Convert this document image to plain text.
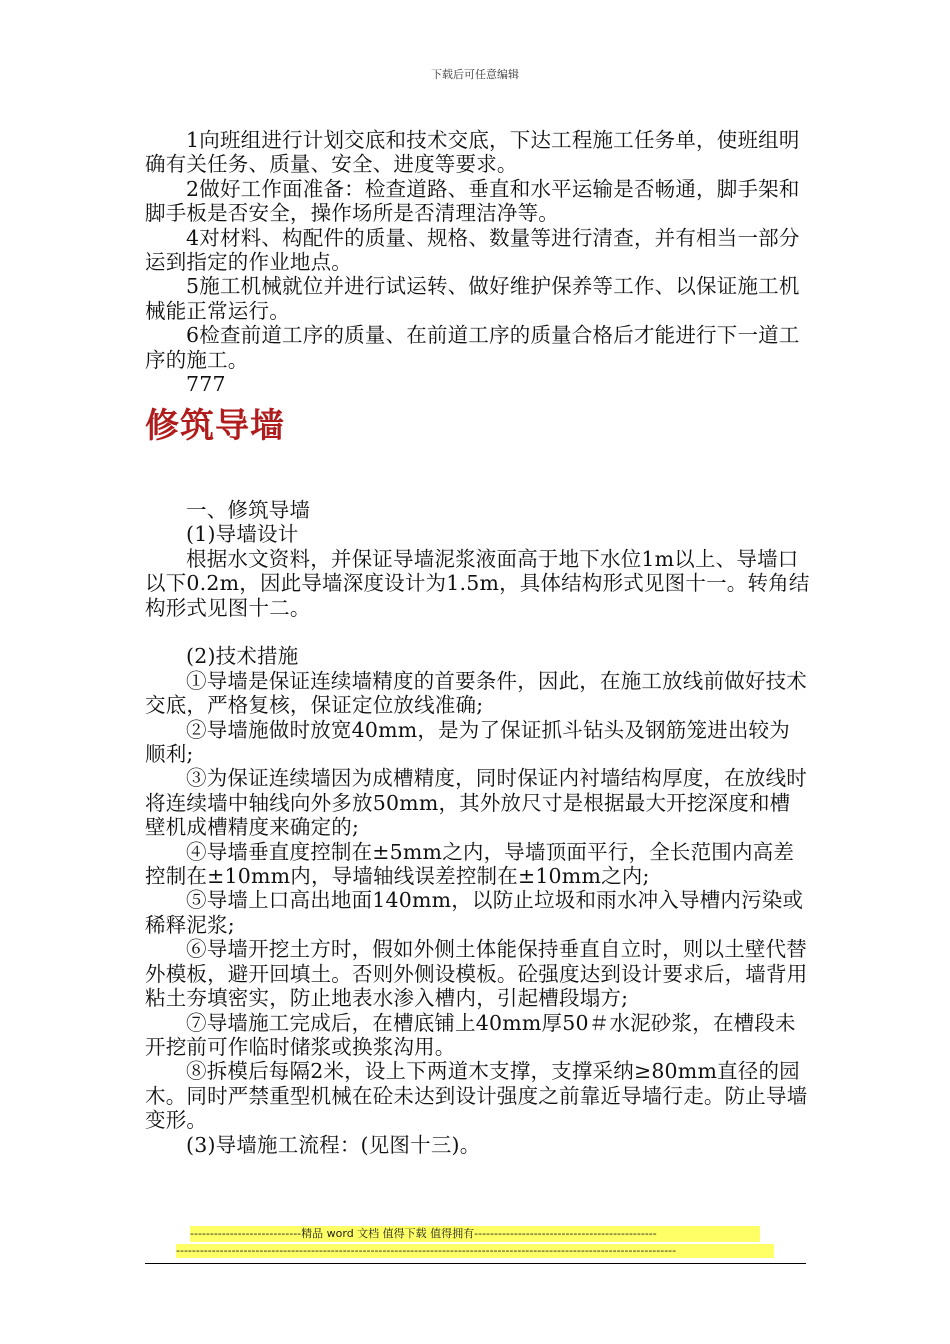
下载后可任意编辑

1向班组进行计划交底和技术交底，下达工程施工任务单，使班组明确有关任务、质量、安全、进度等要求。

2做好工作面准备：检查道路、垂直和水平运输是否畅通，脚手架和脚手板是否安全，操作场所是否清理洁净等。

4对材料、构配件的质量、规格、数量等进行清查，并有相当一部分运到指定的作业地点。

5施工机械就位并进行试运转、做好维护保养等工作、以保证施工机械能正常运行。

6检查前道工序的质量、在前道工序的质量合格后才能进行下一道工序的施工。

777

修筑导墙

一、修筑导墙

(1)导墙设计

根据水文资料，并保证导墙泥浆液面高于地下水位1m以上、导墙口以下0.2m，因此导墙深度设计为1.5m，具体结构形式见图十一。转角结构形式见图十二。

(2)技术措施

①导墙是保证连续墙精度的首要条件，因此，在施工放线前做好技术交底，严格复核，保证定位放线准确;

②导墙施做时放宽40mm，是为了保证抓斗钻头及钢筋笼进出较为顺利;

③为保证连续墙因为成槽精度，同时保证内衬墙结构厚度，在放线时将连续墙中轴线向外多放50mm，其外放尺寸是根据最大开挖深度和槽壁机成槽精度来确定的;

④导墙垂直度控制在±5mm之内，导墙顶面平行，全长范围内高差控制在±10mm内，导墙轴线误差控制在±10mm之内;

⑤导墙上口高出地面140mm，以防止垃圾和雨水冲入导槽内污染或稀释泥浆;

⑥导墙开挖土方时，假如外侧土体能保持垂直自立时，则以土壁代替外模板，避开回填土。否则外侧设模板。砼强度达到设计要求后，墙背用粘土夯填密实，防止地表水渗入槽内，引起槽段塌方;

⑦导墙施工完成后，在槽底铺上40mm厚50＃水泥砂浆，在槽段未开挖前可作临时储浆或换浆沟用。

⑧拆模后每隔2米，设上下两道木支撑，支撑采纳≥80mm直径的园木。同时严禁重型机械在砼未达到设计强度之前靠近导墙行走。防止导墙变形。

(3)导墙施工流程：(见图十三)。

----------------------------精品 word 文档 值得下载 值得拥有----------------------------------------------
------------------------------------------------------------------------------------------------------------------------------
